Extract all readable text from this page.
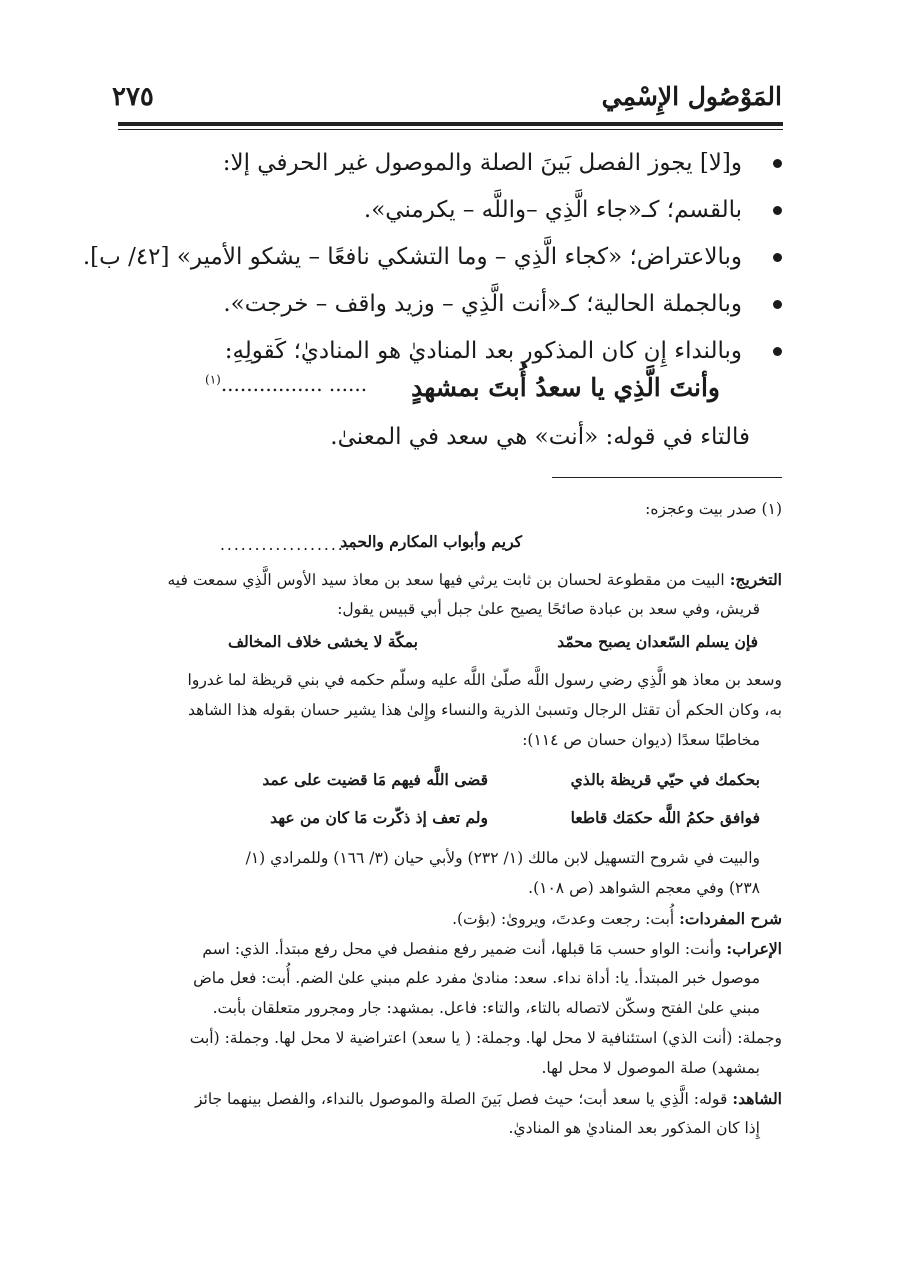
المَوْصُول الإِسْمِي
٢٧٥
و[لا] يجوز الفصل بَينَ الصلة والموصول غير الحرفي إلا:
بالقسم؛ كـ«جاء الَّذِي –واللَّه – يكرمني».
وبالاعتراض؛ «كجاء الَّذِي – وما التشكي نافعًا – يشكو الأمير» [٤٢/ ب].
وبالجملة الحالية؛ كـ«أنت الَّذِي – وزيد واقف – خرجت».
وبالنداء إِن كان المذكور بعد المناديٰ هو المناديٰ؛ كَقولِهِ:
وأنتَ الَّذِي يا سعدُ أُبتَ بمشهدٍ
$^{(١)}$................ ......
فالتاء في قوله: «أنت» هي سعد في المعنىٰ.
(١) صدر بيت وعجزه:
....................
كريم وأبواب المكارم والحمد
التخريج: البيت من مقطوعة لحسان بن ثابت يرثي فيها سعد بن معاذ سيد الأوس الَّذِي سمعت فيه
قريش، وفي سعد بن عبادة صائحًا يصيح علىٰ جبل أبي قبيس يقول:
فإن يسلم السّعدان يصبح محمّد
بمكّة لا يخشى خلاف المخالف
وسعد بن معاذ هو الَّذِي رضي رسول اللَّه صلّىٰ اللَّه عليه وسلّم حكمه في بني قريظة لما غدروا
به، وكان الحكم أن تقتل الرجال وتسبىٰ الذرية والنساء وإِلىٰ هذا يشير حسان بقوله هذا الشاهد
مخاطبًا سعدًا (ديوان حسان ص ١١٤):
بحكمك في حيّي قريظة بالذي
قضى اللَّه فيهم مَا قضيت على عمد
فوافق حكمُ اللَّه حكمَك قاطعا
ولم تعف إذ ذكّرت مَا كان من عهد
والبيت في شروح التسهيل لابن مالك (١/ ٢٣٢) ولأبي حيان (٣/ ١٦٦) وللمرادي (١/
٢٣٨) وفي معجم الشواهد (ص ١٠٨).
شرح المفردات: أُبت: رجعت وعدتَ، ويروىٰ: (بؤت).
الإعراب: وأنت: الواو حسب مَا قبلها، أنت ضمير رفع منفصل في محل رفع مبتدأ. الذي: اسم
موصول خبر المبتدأ. يا: أداة نداء. سعد: منادىٰ مفرد علم مبني علىٰ الضم. أُبت: فعل ماض
مبني علىٰ الفتح وسكّن لاتصاله بالتاء، والتاء: فاعل. بمشهد: جار ومجرور متعلقان بأبت.
وجملة: (أنت الذي) استئنافية لا محل لها. وجملة: ( يا سعد) اعتراضية لا محل لها. وجملة: (أبت
بمشهد) صلة الموصول لا محل لها.
الشاهد: قوله: الَّذِي يا سعد أبت؛ حيث فصل بَينَ الصلة والموصول بالنداء، والفصل بينهما جائز
إِذا كان المذكور بعد المناديٰ هو المناديٰ.
